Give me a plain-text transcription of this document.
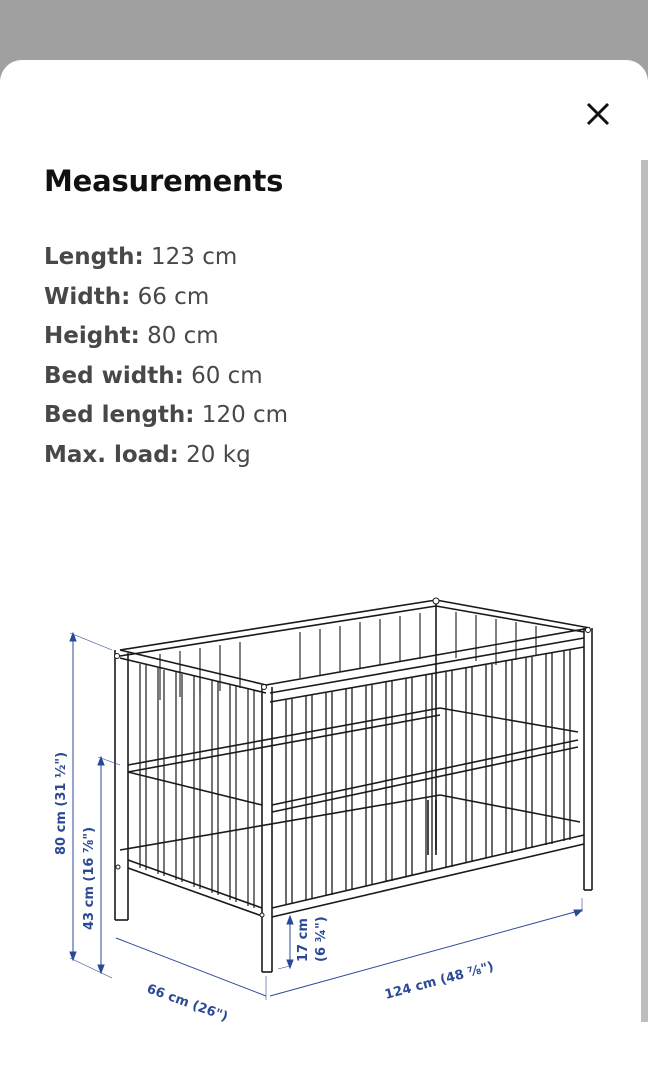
Measurements
Length: 123 cm
Width: 66 cm
Height: 80 cm
Bed width: 60 cm
Bed length: 120 cm
Max. load: 20 kg
80 cm (31 ½")
43 cm (16 ⅞")
17 cm (6 ¾")
66 cm (26")
124 cm (48 ⅞")
